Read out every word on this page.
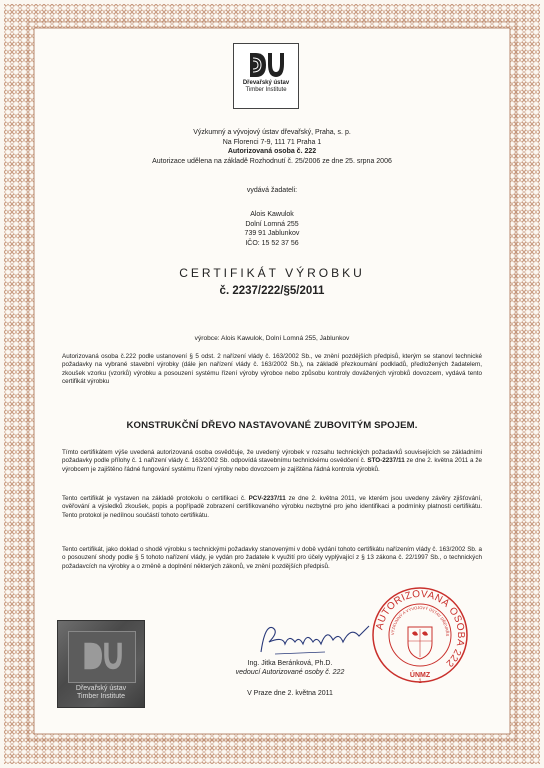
Dřevařský ústav
Timber Institute
Výzkumný a vývojový ústav dřevařský, Praha, s. p.
Na Florenci 7-9, 111 71 Praha 1
Autorizovaná osoba č. 222
Autorizace udělena na základě Rozhodnutí č. 25/2006 ze dne 25. srpna 2006
vydává žadateli:
Alois Kawulok
Dolní Lomná 255
739 91 Jablunkov
IČO: 15 52 37 56
CERTIFIKÁT VÝROBKU
č. 2237/222/§5/2011
výrobce: Alois Kawulok, Dolní Lomná 255, Jablunkov
Autorizovaná osoba č.222 podle ustanovení § 5 odst. 2 nařízení vlády č. 163/2002 Sb., ve znění pozdějších předpisů, kterým se stanoví technické požadavky na vybrané stavební výrobky (dále jen nařízení vlády č. 163/2002 Sb.), na základě přezkoumání podkladů, předložených žadatelem, zkoušek vzorku (vzorků) výrobku a posouzení systému řízení výroby výrobce nebo způsobu kontroly dovážených výrobků dovozcem, vydává tento certifikát výrobku
KONSTRUKČNÍ DŘEVO NASTAVOVANÉ ZUBOVITÝM SPOJEM.
Tímto certifikátem výše uvedená autorizovaná osoba osvědčuje, že uvedený výrobek v rozsahu technických požadavků souvisejících se základními požadavky podle přílohy č. 1 nařízení vlády č. 163/2002 Sb. odpovídá stavebnímu technickému osvědčení č. STO-2237/11 ze dne 2. května 2011 a že výrobcem je zajištěno řádné fungování systému řízení výroby nebo dovozcem je zajištěna řádná kontrola výrobků.
Tento certifikát je vystaven na základě protokolu o certifikaci č. PCV-2237/11 ze dne 2. května 2011, ve kterém jsou uvedeny závěry zjišťování, ověřování a výsledků zkoušek, popis a popřípadě zobrazení certifikovaného výrobku nezbytné pro jeho identifikaci a podmínky platnosti certifikátu. Tento protokol je nedílnou součástí tohoto certifikátu.
Tento certifikát, jako doklad o shodě výrobku s technickými požadavky stanovenými v době vydání tohoto certifikátu nařízením vlády č. 163/2002 Sb. a o posouzení shody podle § 5 tohoto nařízení vlády, je vydán pro žadatele k využití pro účely vyplývající z § 13 zákona č. 22/1997 Sb., o technických požadavcích na výrobky a o změně a doplnění některých zákonů, ve znění pozdějších předpisů.
Dřevařský ústav
Timber Institute
Ing. Jitka Beránková, Ph.D.
vedoucí Autorizované osoby č. 222
V Praze dne 2. května 2011
AUTORIZOVANÁ OSOBA 222
VÝZKUMNÝ A VÝVOJOVÝ ÚSTAV DŘEVAŘS
ÚNMZ
1
